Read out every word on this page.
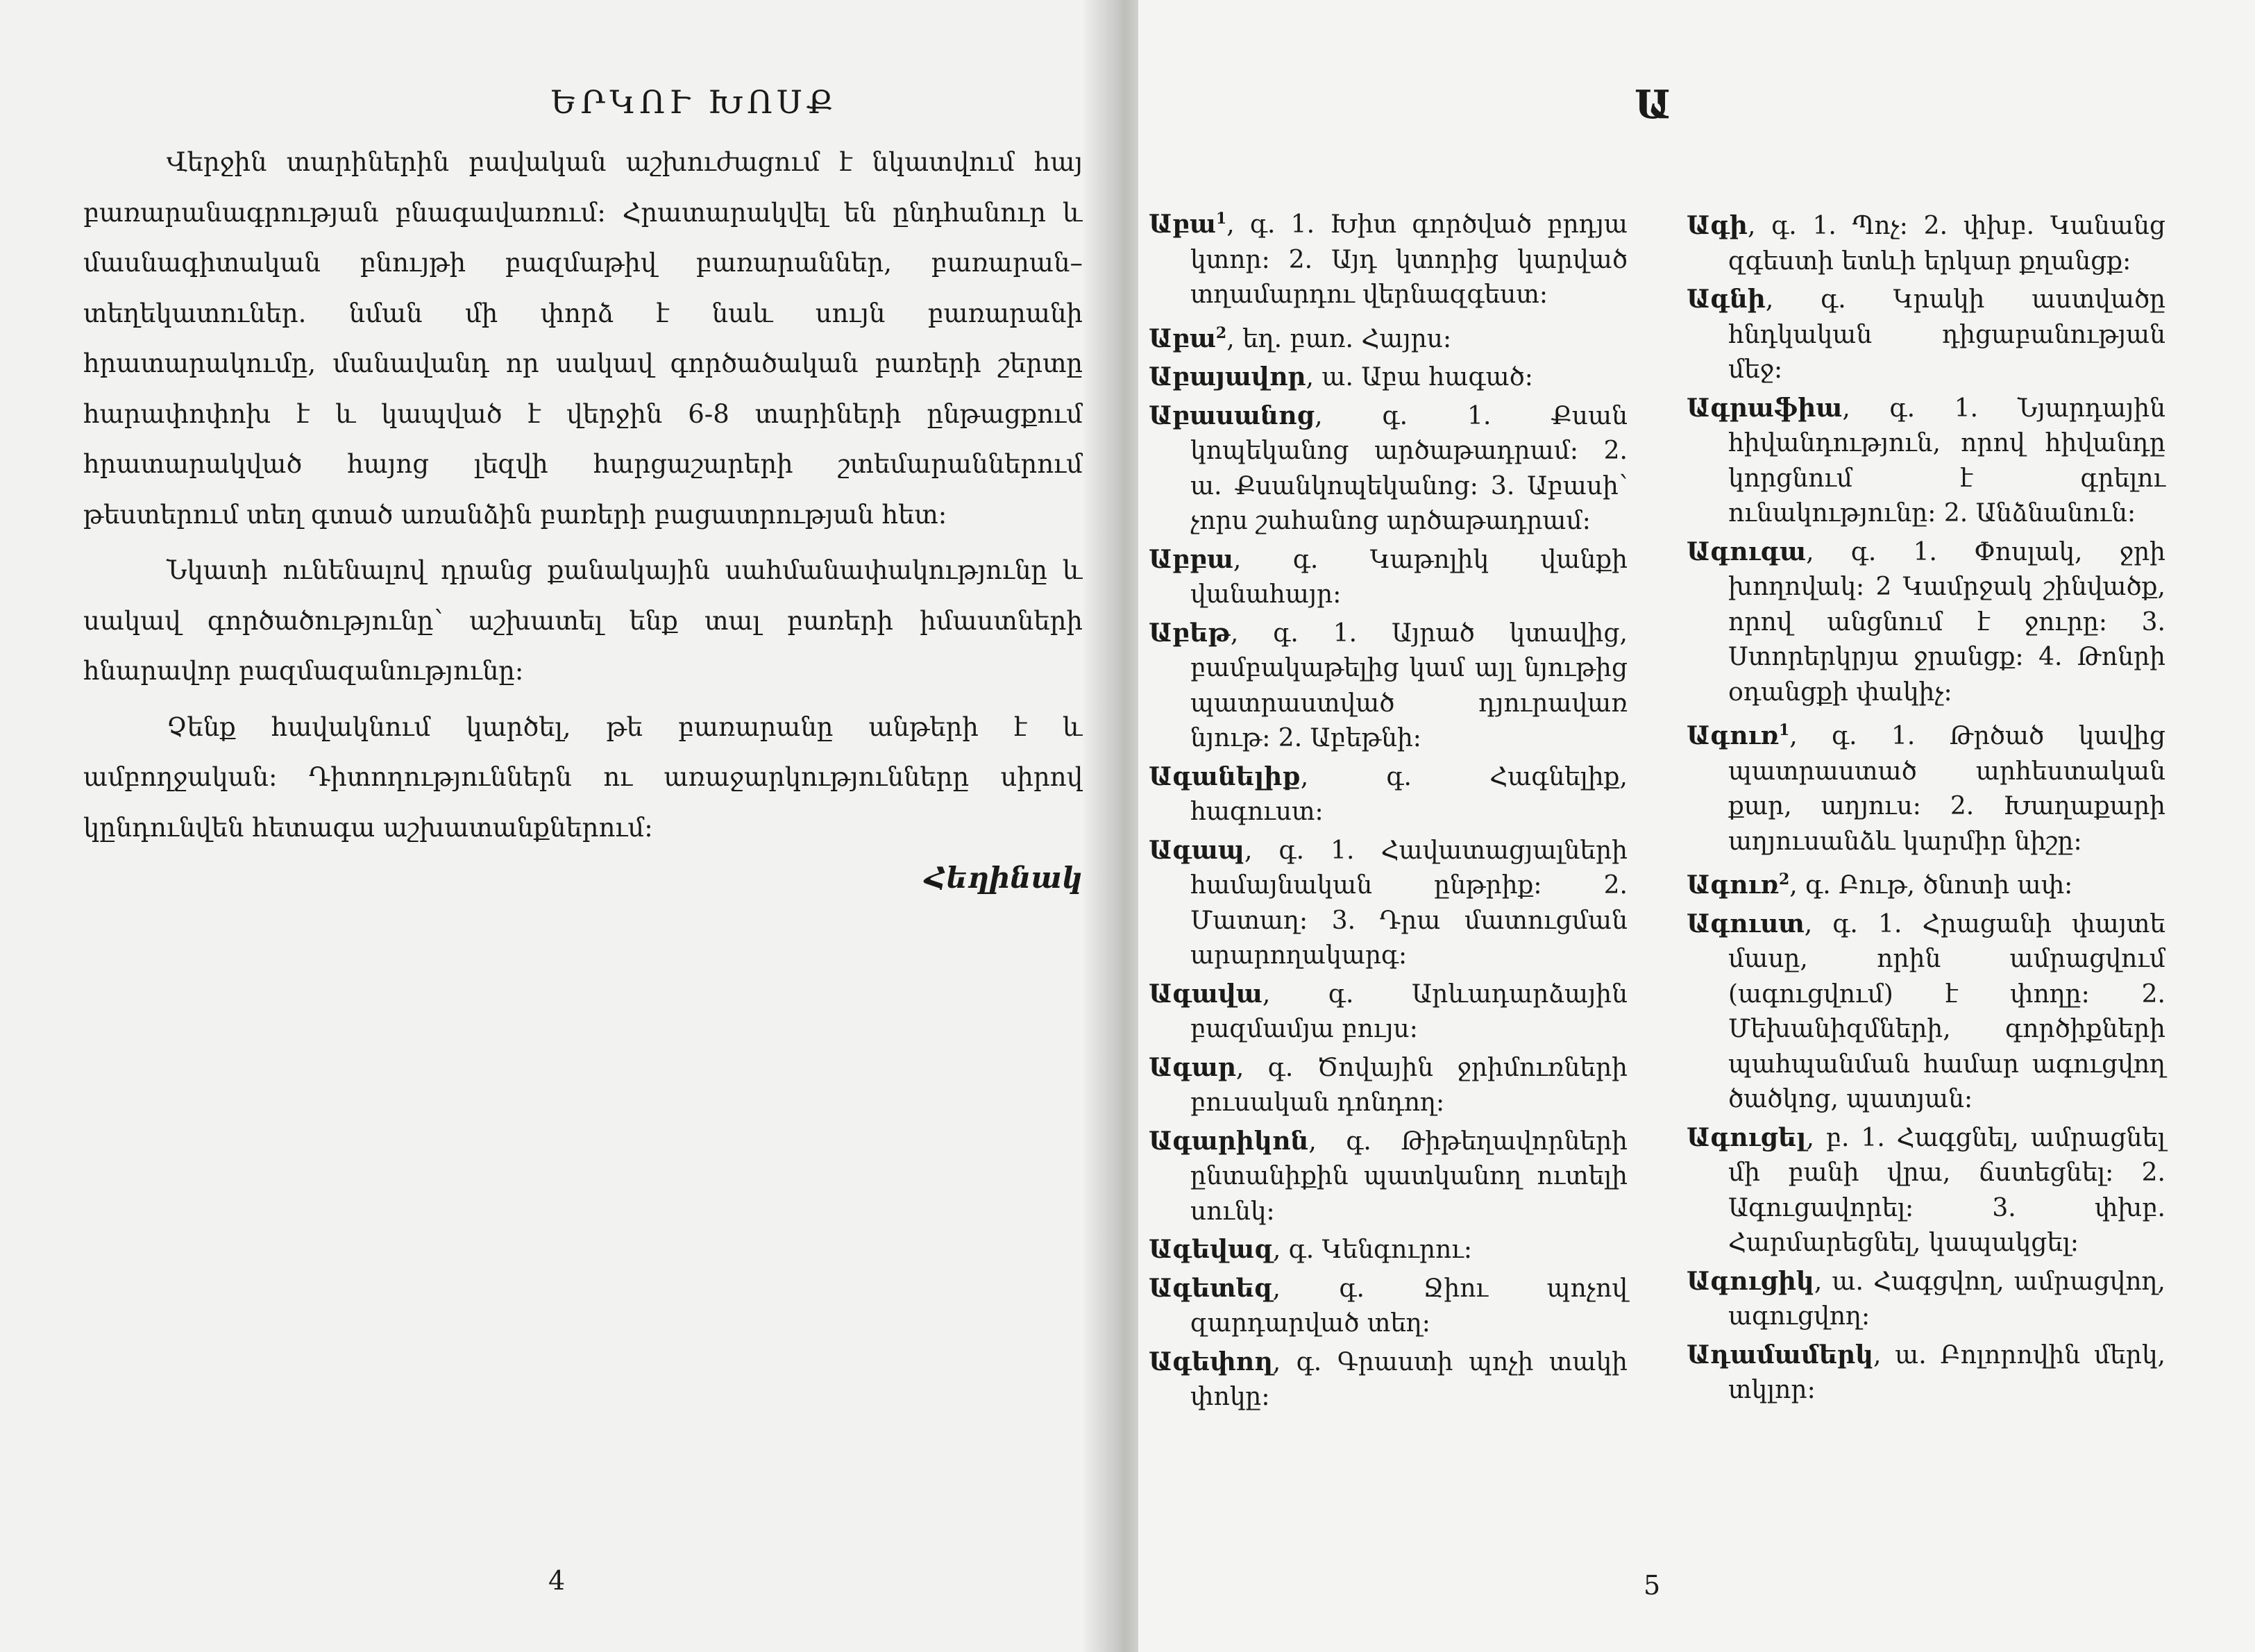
ԵՐԿՈՒ ԽՈՍՔ

Վերջին տարիներին բավական աշխուժացում է նկատվում հայ բառարանագրության բնագավառում: Հրատարակվել են ընդհանուր և մասնագիտական բնույթի բազմաթիվ բառարաններ, բառարան–տեղեկատուներ. նման մի փորձ է նաև սույն բառարանի հրատարակումը, մանավանդ որ սակավ գործածական բառերի շերտը հարափոփոխ է և կապված է վերջին 6-8 տարիների ընթացքում հրատարակված հայոց լեզվի հարցաշարերի շտեմարաններում թեստերում տեղ գտած առանձին բառերի բացատրության հետ:

Նկատի ունենալով դրանց քանակային սահմանափակությունը և սակավ գործածությունը՝ աշխատել ենք տալ բառերի իմաստների հնարավոր բազմազանությունը:

Չենք հավակնում կարծել, թե բառարանը անթերի է և ամբողջական: Դիտողություններն ու առաջարկությունները սիրով կընդունվեն հետագա աշխատանքներում:

Հեղինակ
4
Ա

Աբա$^1$, գ. 1. Խիտ գործված բրդյա կտոր: 2. Այդ կտորից կարված տղամարդու վերնազգեստ:

Աբա$^2$, եղ. բառ. Հայրս:

Աբայավոր, ա. Աբա հագած:

Աբասանոց, գ. 1. Քսան կոպեկանոց արծաթադրամ: 2. ա. Քսանկոպեկանոց: 3. Աբասի՝ չորս շահանոց արծաթադրամ:

Աբբա, գ. Կաթոլիկ վանքի վանահայր:

Աբեթ, գ. 1. Այրած կտավից, բամբակաթելից կամ այլ նյութից պատրաստված դյուրավառ նյութ: 2. Աբեթնի:

Ագանելիք, գ. Հագնելիք, հագուստ:

Ագապ, գ. 1. Հավատացյալների համայնական ընթրիք: 2. Մատաղ: 3. Դրա մատուցման արարողակարգ:

Ագավա, գ. Արևադարձային բազմամյա բույս:

Ագար, գ. Ծովային ջրիմուռների բուսական դոնդող:

Ագարիկոն, գ. Թիթեղավորների ընտանիքին պատկանող ուտելի սունկ:

Ագեվազ, գ. Կենգուրու:

Ագետեզ, գ. Ջիու պոչով զարդարված տեղ:

Ագեփող, գ. Գրաստի պոչի տակի փոկը:

Ագի, գ. 1. Պոչ: 2. փխբ. Կանանց զգեստի ետևի երկար քղանցք:

Ագնի, գ. Կրակի աստվածը հնդկական դիցաբանության մեջ:

Ագրաֆիա, գ. 1. Նյարդային հիվանդություն, որով հիվանդը կորցնում է գրելու ունակությունը: 2. Անձնանուն:

Ագուգա, գ. 1. Փոսլակ, ջրի խողովակ: 2 Կամրջակ շինվածք, որով անցնում է ջուրը: 3. Ստորերկրյա ջրանցք: 4. Թոնրի օդանցքի փակիչ:

Ագուռ$^1$, գ. 1. Թրծած կավից պատրաստած արհեստական քար, աղյուս: 2. Խաղաքարի աղյուսանձև կարմիր նիշը:

Ագուռ$^2$, գ. Բութ, ծնոտի ափ:

Ագուստ, գ. 1. Հրացանի փայտե մասը, որին ամրացվում (ագուցվում) է փողը: 2. Մեխանիզմների, գործիքների պահպանման համար ագուցվող ծածկոց, պատյան:

Ագուցել, բ. 1. Հագցնել, ամրացնել մի բանի վրա, ճստեցնել: 2. Ագուցավորել: 3. փխբ. Հարմարեցնել, կապակցել:

Ագուցիկ, ա. Հագցվող, ամրացվող, ագուցվող:

Ադամամերկ, ա. Բոլորովին մերկ, տկլոր:

5
